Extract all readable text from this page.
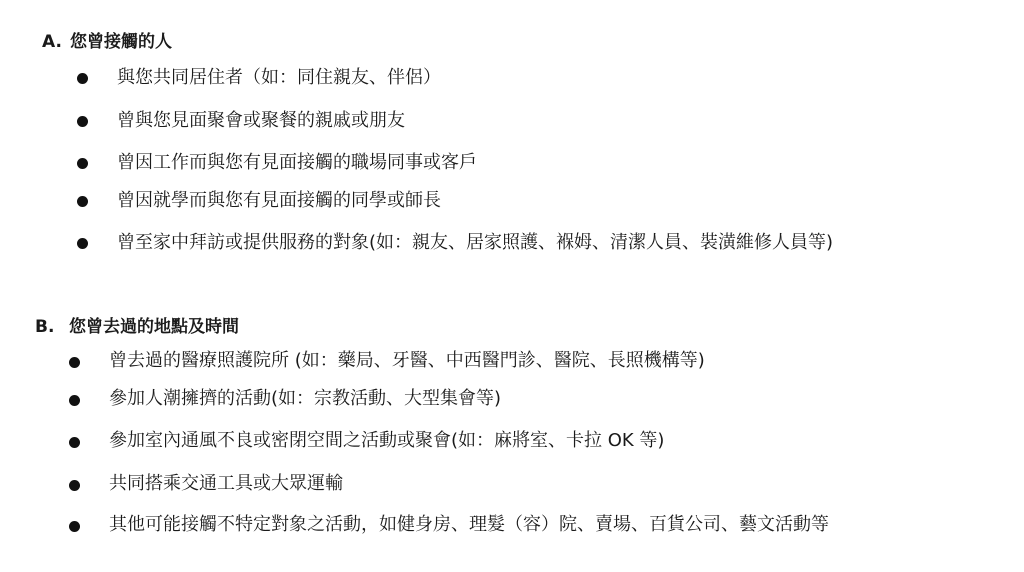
A. 您曾接觸的人
與您共同居住者（如：同住親友、伴侶）
曾與您見面聚會或聚餐的親戚或朋友
曾因工作而與您有見面接觸的職場同事或客戶
曾因就學而與您有見面接觸的同學或師長
曾至家中拜訪或提供服務的對象(如：親友、居家照護、褓姆、清潔人員、裝潢維修人員等)
B. 您曾去過的地點及時間
曾去過的醫療照護院所 (如：藥局、牙醫、中西醫門診、醫院、長照機構等)
參加人潮擁擠的活動(如：宗教活動、大型集會等)
參加室內通風不良或密閉空間之活動或聚會(如：麻將室、卡拉 OK 等)
共同搭乘交通工具或大眾運輸
其他可能接觸不特定對象之活動，如健身房、理髮（容）院、賣場、百貨公司、藝文活動等
